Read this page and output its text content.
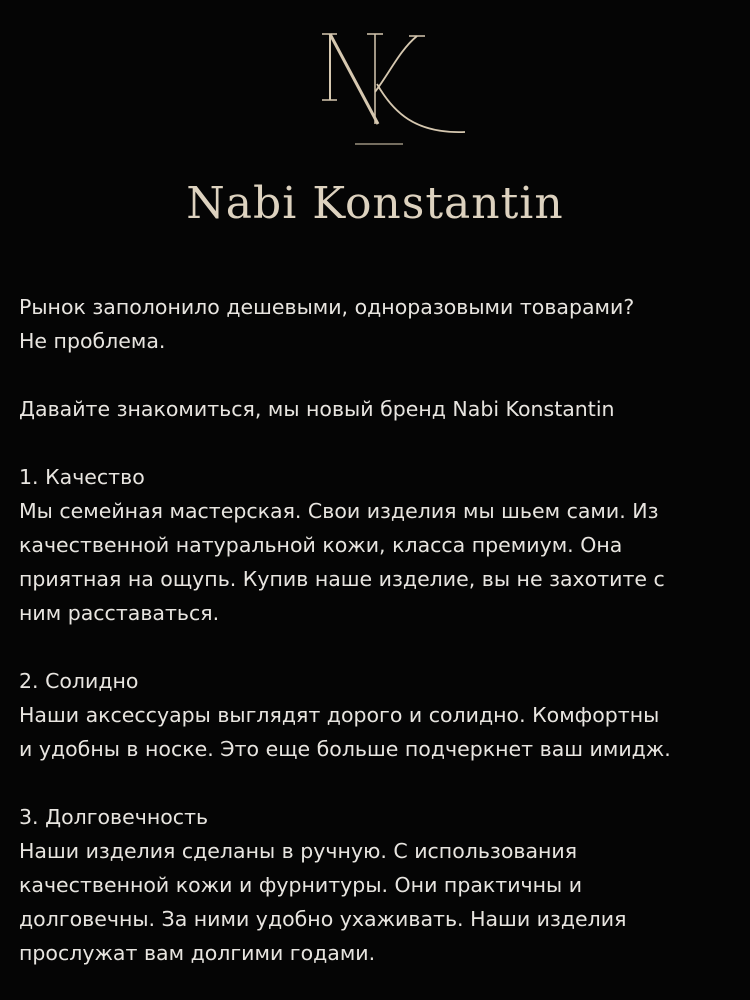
Nabi Konstantin

Рынок заполонило дешевыми, одноразовыми товарами?
Не проблема.

Давайте знакомиться, мы новый бренд Nabi Konstantin

1. Качество

Мы семейная мастерская. Свои изделия мы шьем сами. Из
качественной натуральной кожи, класса премиум. Она
приятная на ощупь. Купив наше изделие, вы не захотите с
ним расставаться.

2. Солидно

Наши аксессуары выглядят дорого и солидно. Комфортны
и удобны в носке. Это еще больше подчеркнет ваш имидж.

3. Долговечность

Наши изделия сделаны в ручную. С использования
качественной кожи и фурнитуры. Они практичны и
долговечны. За ними удобно ухаживать. Наши изделия
прослужат вам долгими годами.
